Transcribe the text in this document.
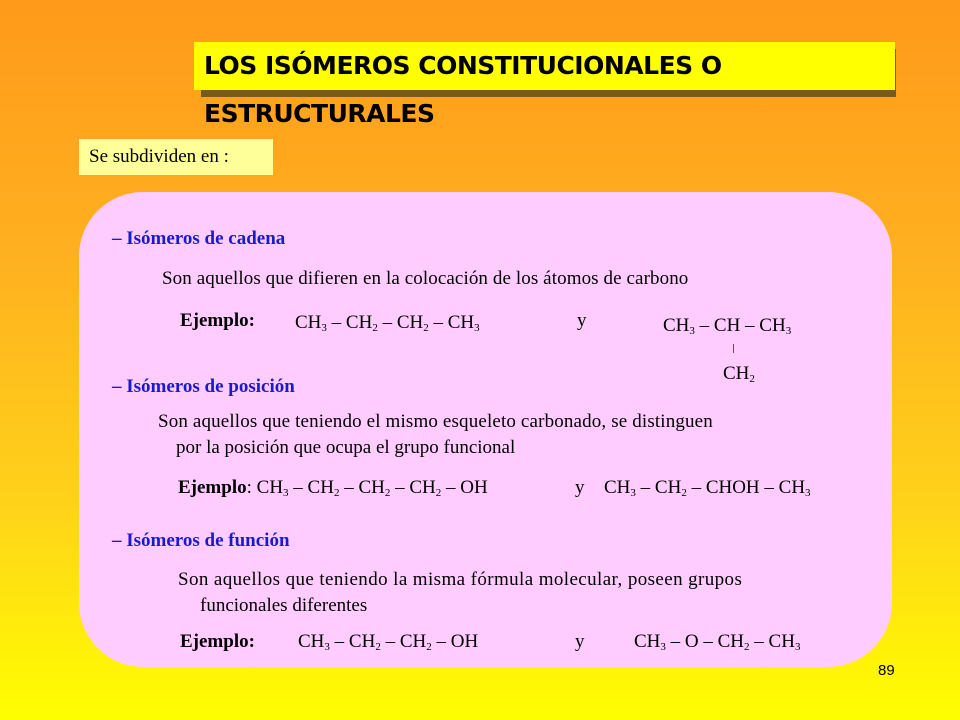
LOS ISÓMEROS CONSTITUCIONALES O ESTRUCTURALES
Se subdividen en :
– Isómeros de cadena
Son aquellos que difieren en la colocación de los átomos de carbono
Ejemplo: $CH_3 - CH_2 - CH_2 - CH_3$	y	$CH_3$ – CH – $CH_3$
$CH_2$
– Isómeros de posición
Son aquellos que teniendo el mismo esqueleto carbonado, se distinguen
por la posición que ocupa el grupo funcional
Ejemplo: $CH_3 - CH_2 - CH_2 - CH_2$ – OH	y $CH_3 - CH_2$ – CHOH – $CH_3$
– Isómeros de función
Son aquellos que teniendo la misma fórmula molecular, poseen grupos
funcionales diferentes
Ejemplo: $CH_3 - CH_2 - CH_2$ – OH	y	$CH_3$ – O – $CH_2 - CH_3$
89
